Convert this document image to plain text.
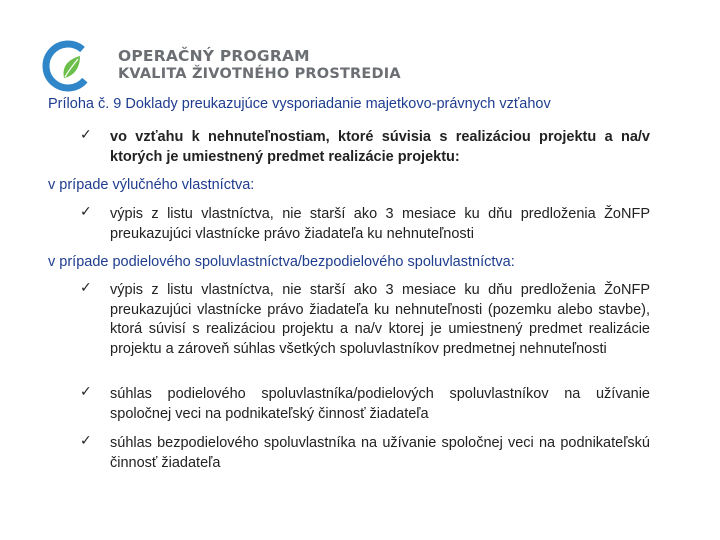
OPERAČNÝ PROGRAM
KVALITA ŽIVOTNÉHO PROSTREDIA
Príloha č. 9 Doklady preukazujúce vysporiadanie majetkovo-právnych vzťahov
✓ vo vzťahu k nehnuteľnostiam, ktoré súvisia s realizáciou projektu a na/v ktorých je umiestnený predmet realizácie projektu:
v prípade výlučného vlastníctva:
✓ výpis z listu vlastníctva, nie starší ako 3 mesiace ku dňu predloženia ŽoNFP preukazujúci vlastnícke právo žiadateľa ku nehnuteľnosti
v prípade podielového spoluvlastníctva/bezpodielového spoluvlastníctva:
✓ výpis z listu vlastníctva, nie starší ako 3 mesiace ku dňu predloženia ŽoNFP preukazujúci vlastnícke právo žiadateľa ku nehnuteľnosti (pozemku alebo stavbe), ktorá súvisí s realizáciou projektu a na/v ktorej je umiestnený predmet realizácie projektu a zároveň súhlas všetkých spoluvlastníkov predmetnej nehnuteľnosti
✓ súhlas podielového spoluvlastníka/podielových spoluvlastníkov na užívanie spoločnej veci na podnikateľský činnosť žiadateľa
✓ súhlas bezpodielového spoluvlastníka na užívanie spoločnej veci na podnikateľskú činnosť žiadateľa
